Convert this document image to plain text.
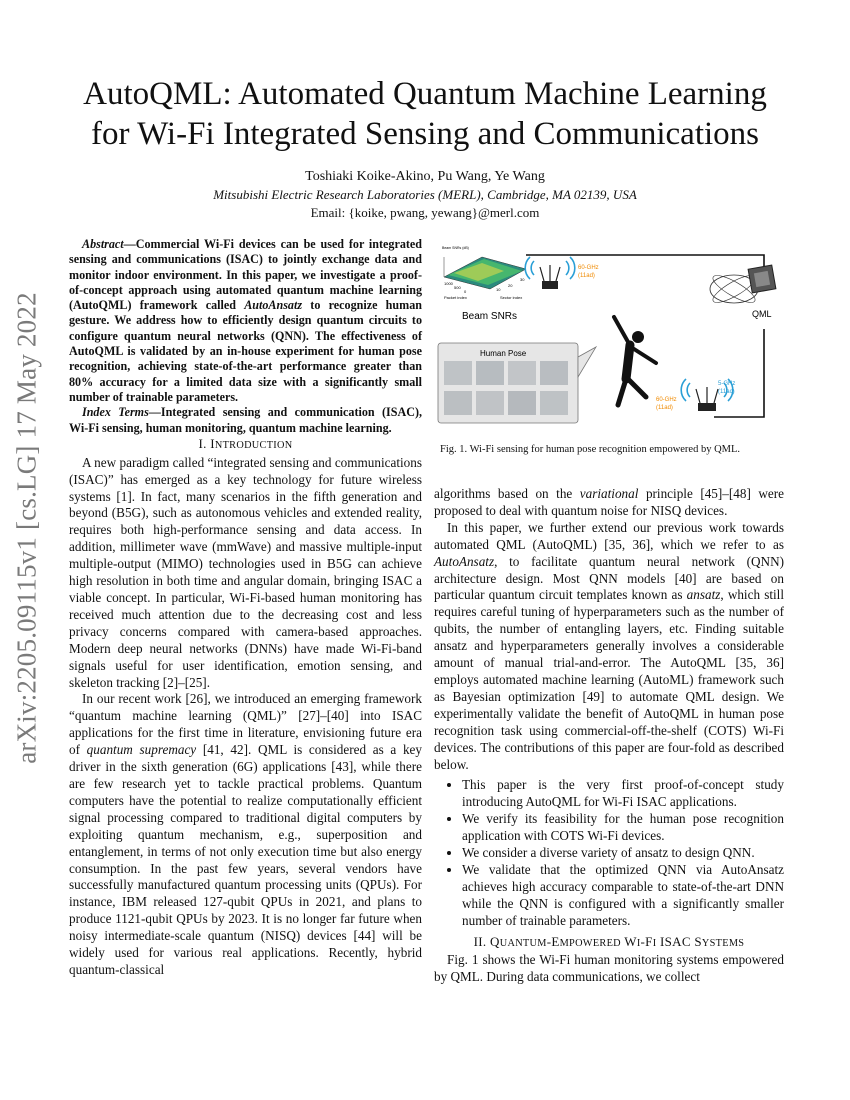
arXiv:2205.09115v1 [cs.LG] 17 May 2022
AutoQML: Automated Quantum Machine Learning
for Wi-Fi Integrated Sensing and Communications
Toshiaki Koike-Akino, Pu Wang, Ye Wang
Mitsubishi Electric Research Laboratories (MERL), Cambridge, MA 02139, USA
Email: {koike, pwang, yewang}@merl.com

Abstract—Commercial Wi-Fi devices can be used for integrated sensing and communications (ISAC) to jointly exchange data and monitor indoor environment. In this paper, we investigate a proof-of-concept approach using automated quantum machine learning (AutoQML) framework called AutoAnsatz to recognize human gesture. We address how to efficiently design quantum circuits to configure quantum neural networks (QNN). The effectiveness of AutoQML is validated by an in-house experiment for human pose recognition, achieving state-of-the-art performance greater than 80% accuracy for a limited data size with a significantly small number of trainable parameters.

Index Terms—Integrated sensing and communication (ISAC), Wi-Fi sensing, human monitoring, quantum machine learning.

I. INTRODUCTION

A new paradigm called “integrated sensing and communications (ISAC)” has emerged as a key technology for future wireless systems [1]. In fact, many scenarios in the fifth generation and beyond (B5G), such as autonomous vehicles and extended reality, requires both high-performance sensing and data access. In addition, millimeter wave (mmWave) and massive multiple-input multiple-output (MIMO) technologies used in B5G can achieve high resolution in both time and angular domain, bringing ISAC a viable concept. In particular, Wi-Fi-based human monitoring has received much attention due to the decreasing cost and less privacy concerns compared with camera-based approaches. Modern deep neural networks (DNNs) have made Wi-Fi-band signals useful for user identification, emotion sensing, and skeleton tracking [2]–[25].

In our recent work [26], we introduced an emerging framework “quantum machine learning (QML)” [27]–[40] into ISAC applications for the first time in literature, envisioning future era of quantum supremacy [41, 42]. QML is considered as a key driver in the sixth generation (6G) applications [43], while there are few research yet to tackle practical problems. Quantum computers have the potential to realize computationally efficient signal processing compared to traditional digital computers by exploiting quantum mechanism, e.g., superposition and entanglement, in terms of not only execution time but also energy consumption. In the past few years, several vendors have successfully manufactured quantum processing units (QPUs). For instance, IBM released 127-qubit QPUs in 2021, and plans to produce 1121-qubit QPUs by 2023. It is no longer far future when noisy intermediate-scale quantum (NISQ) devices [44] will be widely used for various real applications. Recently, hybrid quantum-classical

Beam SNRs (dB)
Packet index	Sector index
0
500
1000
10
20
30
Beam SNRs
60-GHz
(11ad)
QML
Human Pose
5-GHz
(11ac)
60-GHz
(11ad)
Fig. 1. Wi-Fi sensing for human pose recognition empowered by QML.

algorithms based on the variational principle [45]–[48] were proposed to deal with quantum noise for NISQ devices.

In this paper, we further extend our previous work towards automated QML (AutoQML) [35, 36], which we refer to as AutoAnsatz, to facilitate quantum neural network (QNN) architecture design. Most QNN models [40] are based on particular quantum circuit templates known as ansatz, which still requires careful tuning of hyperparameters such as the number of qubits, the number of entangling layers, etc. Finding suitable ansatz and hyperparameters generally involves a considerable amount of manual trial-and-error. The AutoQML [35, 36] employs automated machine learning (AutoML) framework such as Bayesian optimization [49] to automate QML design. We experimentally validate the benefit of AutoQML in human pose recognition task using commercial-off-the-shelf (COTS) Wi-Fi devices. The contributions of this paper are four-fold as described below.

• This paper is the very first proof-of-concept study introducing AutoQML for Wi-Fi ISAC applications.
• We verify its feasibility for the human pose recognition application with COTS Wi-Fi devices.
• We consider a diverse variety of ansatz to design QNN.
• We validate that the optimized QNN via AutoAnsatz achieves high accuracy comparable to state-of-the-art DNN while the QNN is configured with a significantly smaller number of trainable parameters.

II. QUANTUM-EMPOWERED WI-FI ISAC SYSTEMS

Fig. 1 shows the Wi-Fi human monitoring systems empowered by QML. During data communications, we collect
